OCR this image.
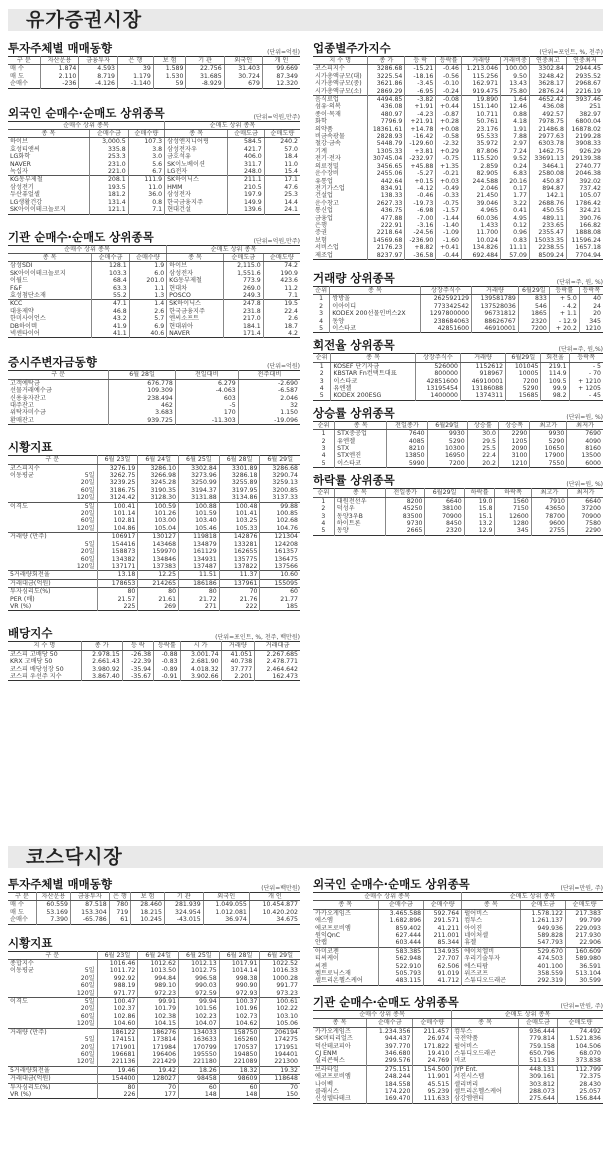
유가증권시장
투자주체별 매매동향	(단위=억원)
구 분	자산운용	금융투자	은 행	보 험	기 관	외국인	개 인
매 수	1.874	4.593	39	1.589	22.756	31.403	99.669
매 도	2.110	8.719	1.179	1.530	31.685	30.724	87.349
순매수	-236	-4.126	-1.140	59	-8.929	679	12.320
외국인 순매수·순매도 상위종목	(단위=억원,만주)
순매수 상위 종목			순매도 상위 종목		
종 목	순매수금	순매수량	종 목	순매도금	순매도량
하이브	3,000.5	107.3	삼성엔지니어링	584.5	240.2
효성티앤씨	335.8	3.8	삼성전자우	421.7	57.0
LG화학	253.3	3.0	금호석유	406.0	18.4
NAVER	231.0	5.6	SK이노베이션	311.7	11.0
녹십자	221.0	6.7	LG전자	248.0	15.4
KG동부제철	208.1	111.9	SK하이닉스	211.1	17.1
삼성전기	193.5	11.0	HMM	210.5	47.6
두산퓨얼셀	181.2	36.0	삼성전자	197.9	25.3
LG생활건강	131.4	0.8	한국금융지주	149.9	14.4
SK아이이테크놀로지	121.1	7.1	현대건설	139.6	24.1
기관 순매수·순매도 상위종목	(단위=억원,만주)
순매수 상위 종목			순매도 상위 종목		
종 목	순매수금	순매수량	종 목	순매도금	순매도량
삼성SDI	128.1	1.9	하이브	2,115.0	74.2
SK아이이테크놀로지	103.3	6.0	삼성전자	1,551.6	190.9
이월드	68.4	201.0	KG동부제철	773.9	423.6
F&F	63.3	1.1	현대차	269.0	11.2
효성첨단소재	55.2	1.3	POSCO	249.3	7.1
KCC	47.1	1.4	SK하이닉스	247.8	19.5
대웅제약	46.8	2.6	한국금융지주	231.8	22.4
한미사이언스	43.2	5.7	엔씨소프트	217.0	2.6
DB하이텍	41.9	6.9	현대위아	184.1	18.7
넥센타이어	41.1	40.6	NAVER	171.4	4.2
증시주변자금동향	(단위=억원)
구 분	6월 28일	전일대비	전주대비
고객예탁금	676.778	6.279	-2.690
선물거래예수금	109.309	-4.063	-6.587
신용융자잔고	238.494	603	2.046
대주잔고	462	-5	32
위탁자미수금	3.683	170	1.150
환매잔고	939.725	-11.303	-19.096
시황지표
구 분		6월 23일	6월 24일	6월 25일	6월 28일	6월 29일
코스피지수		3276.19	3286.10	3302.84	3301.89	3286.68
이동평균	5일	3262.75	3266.98	3273.96	3286.18	3290.74
	20일	3239.25	3245.28	3250.99	3255.89	3259.13
	60일	3186.75	3190.35	3194.37	3197.95	3200.85
	120일	3124.42	3128.30	3131.88	3134.86	3137.33
이격도	5일	100.41	100.59	100.88	100.48	99.88
	20일	101.14	101.26	101.59	101.41	100.85
	60일	102.81	103.00	103.40	103.25	102.68
	120일	104.86	105.04	105.46	105.33	104.76
거래량 (만주)		106917	130127	119818	142876	121304
	5일	154416	143468	134879	133281	124208
	20일	158873	159970	161129	162655	161357
	60일	134382	134846	134931	135775	136475
	120일	137171	137383	137487	137822	137566
5거래량회전율		13.18	12.25	11.51	11.37	10.60
거래대금(억원)		178653	214265	186186	137961	155095
투자심리도(%)		80	80	80	70	60
PER (배)		21.57	21.61	21.72	21.76	21.77
VR (%)		225	269	271	222	185
배당지수	(단위=포인트, %, 천주, 백만원)
지 수 명	종 가	등 락	등락률	시 가	거래량	거래대금
코스피 고배당 50	2.978.15	-26.38	-0.88	3.001.74	41.051	2.267.685
KRX 고배당 50	2.661.43	-22.39	-0.83	2.681.90	40.738	2.478.771
코스피 배당성장 50	3.980.92	-35.94	-0.89	4.018.32	37.777	2.464.642
코스피 우선주 지수	3.867.40	-35.67	-0.91	3.902.66	2.201	162.473
업종별주가지수	(단위=포인트, %, 천주)
지 수 명	종 가	등 락	등락률	거래량	거래비중	연중최고	연중최저
코스피지수	3286.68	-15.21	-0.46	1.213.046	100.00	3302.84	2944.45
시가총액규모(대)	3225.54	-18.16	-0.56	115.256	9.50	3248.42	2935.52
시가총액규모(중)	3621.86	-3.45	-0.10	162.971	13.43	3628.17	2968.67
시가총액규모(소)	2869.29	-6.95	-0.24	919.475	75.80	2876.24	2216.19
음식료업	4494.85	-3.82	-0.08	19.890	1.64	4652.42	3937.46
섬유·의복	436.08	+1.91	+0.44	151.140	12.46	436.08	251
종이·목재	480.97	-4.23	-0.87	10.711	0.88	492.57	382.97
화학	7796.9	+21.91	+0.28	50.761	4.18	7978.75	6800.04
의약품	18361.61	+14.78	+0.08	23.176	1.91	21486.8	16878.02
비금속광물	2828.93	-16.42	-0.58	95.533	7.88	2977.63	2199.28
철강·금속	5448.79	-129.60	-2.32	35.972	2.97	6303.78	3908.33
기계	1305.33	+3.81	+0.29	87.806	7.24	1462.75	926.29
전기·전자	30745.04	-232.97	-0.75	115.520	9.52	33691.13	29139.38
의료정밀	3456.65	+45.88	+1.35	2.859	0.24	3464.1	2740.77
운수장비	2455.06	-5.27	-0.21	82.905	6.83	2580.08	2046.38
유통업	442.64	+0.15	+0.03	244.588	20.16	450.87	392.02
전기가스업	834.91	-4.12	-0.49	2.046	0.17	894.87	737.42
건설업	138.33	-0.46	-0.33	21.450	1.77	142.1	105.07
운수창고	2627.33	-19.73	-0.75	39.046	3.22	2688.76	1786.42
통신업	436.75	-6.98	-1.57	4.965	0.41	450.55	324.21
금융업	477.88	-7.00	-1.44	60.036	4.95	489.11	390.76
은행	222.91	-3.16	-1.40	1.433	0.12	233.65	166.82
증권	2218.64	-24.56	-1.09	11.700	0.96	2355.47	1888.08
보험	14569.68	-236.90	-1.60	10.024	0.83	15033.35	11596.24
서비스업	2176.23	+8.82	+0.41	134.826	11.11	2238.55	1657.18
제조업	8237.97	-36.58	-0.44	692.484	57.09	8509.24	7704.94
거래량 상위종목	(단위=주, 원, %)
순위	종 목	상장주식수	거래량	6월29일	등락률	등락폭
1	쌍방울	262592129	139581789	833	+ 5.0	40
2	이아이디	773342542	137528036	546	- 4.2	24
3	KODEX 200선물인버스2X	1297800000	96731812	1865	+ 1.1	20
4	동양	238684063	88626767	2320	- 12.9	345
5	이스타코	42851600	46910001	7200	+ 20.2	1210
회전율 상위종목	(단위=주, 원,%)
순위	종 목	상장주식수	거래량	6월29일	회전율	등락폭
1	KOSEF 단기자금	526000	1152612	101045	219.1	- 5
2	KBSTAR Fn컨택트대표	800000	918967	10005	114.9	- 70
3	이스타코	42851600	46910001	7200	109.5	+ 1210
4	유엔젤	13195454	13186088	5290	99.9	+ 1205
5	KODEX 200ESG	1400000	1374311	15685	98.2	- 45
상승률 상위종목	(단위=원, %)
순위	종 목	전일종가	6월29일	상승률	상승폭	최고가	최저가
1	STX중공업	7640	9930	30.0	2290	9930	7690
2	유엔젤	4085	5290	29.5	1205	5290	4090
3	STX	8210	10300	25.5	2090	10650	8160
4	STX엔진	13850	16950	22.4	3100	17900	13500
5	이스타코	5990	7200	20.2	1210	7550	6000
하락률 상위종목	(단위=원, %)
순위	종 목	전일종가	6월29일	하락률	하락폭	최고가	최저가
1	대원전선우	8200	6640	19.0	1560	7910	6640
2	덕성우	45250	38100	15.8	7150	43650	37200
3	동양3우B	83500	70900	15.1	12600	78700	70900
4	하이트론	9730	8450	13.2	1280	9600	7580
5	동양	2665	2320	12.9	345	2755	2290
코스닥시장
투자주체별 매매동향	(단위=백만원)
구 분	자산운용	금융투자	은 행	보 험	기 관	외국인	개 인
매 수	60.559	87.518	780	28.460	281.939	1.049.055	10.454.877
매 도	53.169	153.304	719	18.215	324.954	1.012.081	10.420.202
순매수	7.390	-65.786	61	10.245	-43.015	36.974	34.675
시황지표
구 분		6월 23일	6월 24일	6월 25일	6월 28일	6월 29일
종합지수		1016.46	1012.62	1012.13	1017.91	1022.52
이동평균	5일	1011.72	1013.50	1012.75	1014.14	1016.33
	20일	992.92	994.84	996.58	998.38	1000.28
	60일	988.19	989.10	990.03	990.90	991.77
	120일	971.77	972.23	972.59	972.93	973.23
이격도	5일	100.47	99.91	99.94	100.37	100.61
	20일	102.37	101.79	101.56	101.96	102.22
	60일	102.86	102.38	102.23	102.73	103.10
	120일	104.60	104.15	104.07	104.62	105.06
거래량 (만주)		186122	186276	134033	158750	206194
	5일	174151	173814	163633	165260	174275
	20일	171901	171984	170799	170537	171951
	60일	196681	196406	195550	194850	194401
	120일	221136	221429	221180	221089	221300
5거래량회전율		19.46	19.42	18.26	18.32	19.32
거래대금(억원)		154400	128027	98458	98609	118648
투자심리도(%)		80	70	60	60	70
VR (%)		226	177	148	148	150
외국인 순매수·순매도 상위종목	(단위=만원, 주)
순매수 상위 종목			순매도 상위 종목		
종 목	순매수금	순매수량	종 목	순매도금	순매도량
카카오게임즈	3.465.588	592.764	펄어비스	1.578.122	217.383
에스엠	1.682.896	291.571	컴투스	1.261.137	99.799
에코프로비엠	859.402	41.211	아이진	949.936	229.093
원익QnC	627.444	211.001	네이처셀	589.828	217.930
안랩	603.444	85.344	휴젤	547.793	22.906
아미코젠	583.385	134.935	에이치엘비	529.670	160.609
티씨케이	562.948	27.707	우리기술투자	474.503	589.980
씨젠	522.910	62.506	에스티팜	401.100	36.591
켐트로닉스재	505.793	91.019	위즈코프	358.559	513.104
셀트리온헬스케어	483.115	41.712	스튜디오드래곤	292.319	30.599
기관 순매수·순매도 상위종목	(단위=만원, 주)
순매수 상위 종목			순매도 상위 종목		
종 목	순매수금	순매수량	종 목	순매도금	순매도량
카카오게임즈	1.234.356	211.457	컴투스	936.444	74.492
SK머티리얼즈	944.437	26.974	국전약품	779.814	1.521.836
덕산테코피아	397.770	171.822	펄어비스	759.158	104.506
CJ ENM	346.680	19.410	스튜디오드래곤	650.796	68.070
실리콘웍스	299.576	24.769	미코	511.613	373.838
브라타일	275.151	154.500	JYP Ent.	448.131	112.799
에코프로비엠	248.244	11.901	서진시스템	309.161	72.375
나이벡	184.558	45.515	셀리버리	303.812	28.430
클래시스	174.220	95.239	셀트리온헬스케어	288.073	25.057
신성델타테크	169.470	111.633	삼강엠앤티	275.644	156.844
